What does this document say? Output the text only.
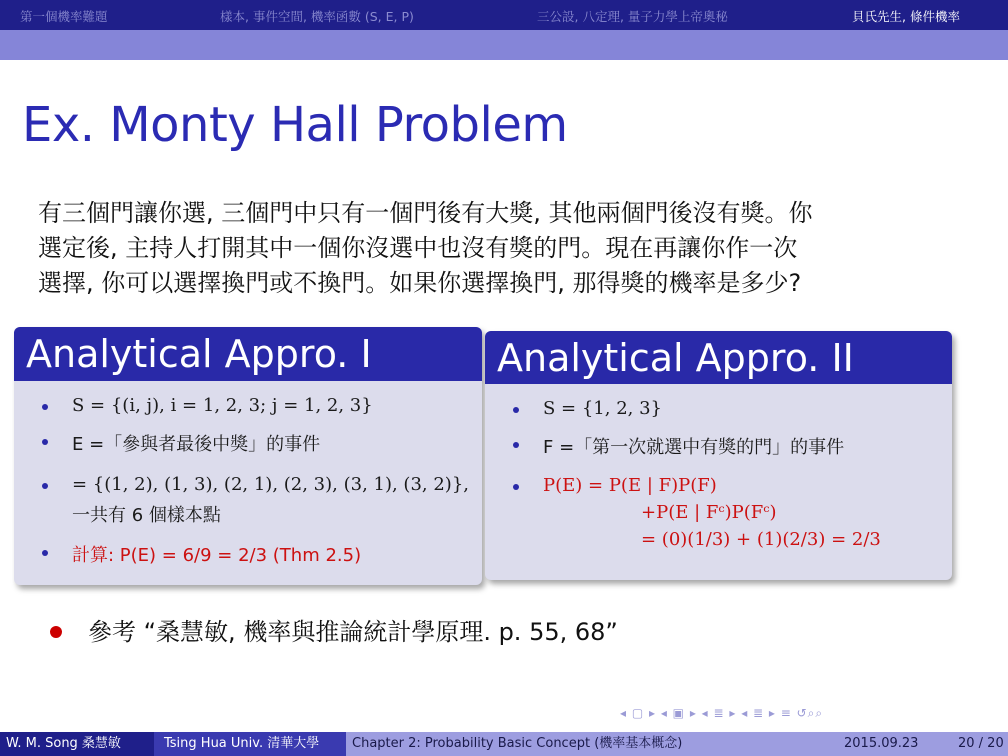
第一個機率難題	樣本, 事件空間, 機率函數 (S, E, P)	三公設, 八定理, 量子力學上帝奧秘	貝氏先生, 條件機率
Ex. Monty Hall Problem
有三個門讓你選, 三個門中只有一個門後有大獎, 其他兩個門後沒有獎。你
選定後, 主持人打開其中一個你沒選中也沒有獎的門。現在再讓你作一次
選擇, 你可以選擇換門或不換門。如果你選擇換門, 那得獎的機率是多少?
Analytical Appro. I
S = {(i, j), i = 1, 2, 3; j = 1, 2, 3}
E =「參與者最後中獎」的事件
= {(1, 2), (1, 3), (2, 1), (2, 3), (3, 1), (3, 2)},
一共有 6 個樣本點
計算: P(E) = 6/9 = 2/3 (Thm 2.5)
Analytical Appro. II
S = {1, 2, 3}
F =「第一次就選中有獎的門」的事件
P(E) = P(E | F)P(F)
+P(E | Fᶜ)P(Fᶜ)
= (0)(1/3) + (1)(2/3) = 2/3
參考 “桑慧敏, 機率與推論統計學原理. p. 55, 68”
◂ ▢ ▸ ◂ ▣ ▸ ◂ ≣ ▸ ◂ ≣ ▸ ≡ ↺⌕⌕
W. M. Song 桑慧敏	Tsing Hua Univ. 清華大學	Chapter 2: Probability Basic Concept (機率基本概念)	2015.09.23	20 / 20
